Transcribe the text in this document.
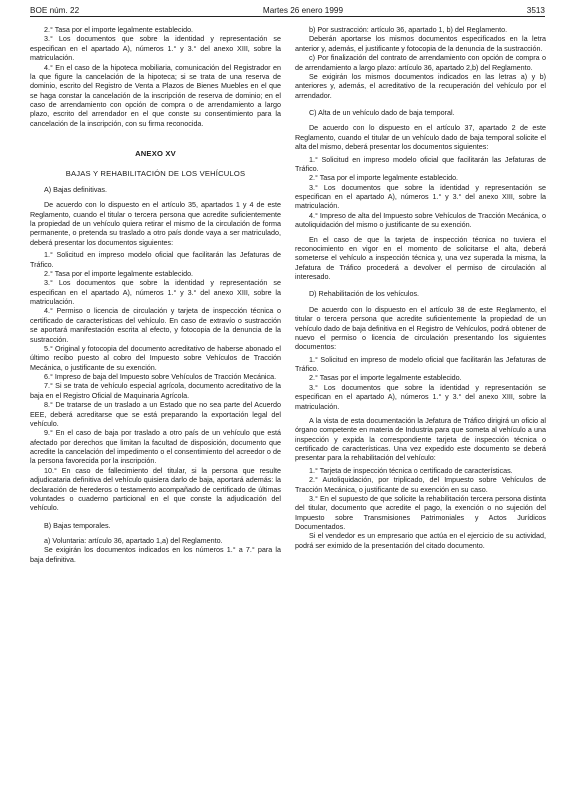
BOE núm. 22	Martes 26 enero 1999	3513

2.° Tasa por el importe legalmente establecido.

3.° Los documentos que sobre la identidad y representación se especifican en el apartado A), números 1.° y 3.° del anexo XIII, sobre la matriculación.

4.° En el caso de la hipoteca mobiliaria, comunicación del Registrador en la que figure la cancelación de la hipoteca; si se trata de una reserva de dominio, escrito del Registro de Venta a Plazos de Bienes Muebles en el que se haga constar la cancelación de la inscripción de reserva de dominio; en el caso de arrendamiento con opción de compra o de arrendamiento a largo plazo, escrito del arrendador en el que conste su consentimiento para la cancelación de la inscripción, con su firma reconocida.

ANEXO XV
BAJAS Y REHABILITACIÓN DE LOS VEHÍCULOS

A) Bajas definitivas.

De acuerdo con lo dispuesto en el artículo 35, apartados 1 y 4 de este Reglamento, cuando el titular o tercera persona que acredite suficientemente la propiedad de un vehículo quiera retirar el mismo de la circulación de forma permanente, o pretenda su traslado a otro país donde vaya a ser matriculado, deberá presentar los documentos siguientes:

1.° Solicitud en impreso modelo oficial que facilitarán las Jefaturas de Tráfico.

2.° Tasa por el importe legalmente establecido.

3.° Los documentos que sobre la identidad y representación se especifican en el apartado A), números 1.° y 3.° del anexo XIII, sobre la matriculación.

4.° Permiso o licencia de circulación y tarjeta de inspección técnica o certificado de características del vehículo. En caso de extravío o sustracción se aportará manifestación escrita al efecto, y fotocopia de la denuncia de la sustracción.

5.° Original y fotocopia del documento acreditativo de haberse abonado el último recibo puesto al cobro del Impuesto sobre Vehículos de Tracción Mecánica, o justificante de su exención.

6.° Impreso de baja del Impuesto sobre Vehículos de Tracción Mecánica.

7.° Si se trata de vehículo especial agrícola, documento acreditativo de la baja en el Registro Oficial de Maquinaria Agrícola.

8.° De tratarse de un traslado a un Estado que no sea parte del Acuerdo EEE, deberá acreditarse que se está preparando la exportación legal del vehículo.

9.° En el caso de baja por traslado a otro país de un vehículo que está afectado por derechos que limitan la facultad de disposición, documento que acredite la cancelación del impedimento o el consentimiento del acreedor o de la persona favorecida por la inscripción.

10.° En caso de fallecimiento del titular, si la persona que resulte adjudicataria definitiva del vehículo quisiera darlo de baja, aportará además: la declaración de herederos o testamento acompañado de certificado de últimas voluntades o cuaderno particional en el que conste la adjudicación del vehículo.

B) Bajas temporales.

a) Voluntaria: artículo 36, apartado 1,a) del Reglamento.

Se exigirán los documentos indicados en los números 1.° a 7.° para la baja definitiva.

b) Por sustracción: artículo 36, apartado 1, b) del Reglamento.

Deberán aportarse los mismos documentos especificados en la letra anterior y, además, el justificante y fotocopia de la denuncia de la sustracción.

c) Por finalización del contrato de arrendamiento con opción de compra o de arrendamiento a largo plazo: artículo 36, apartado 2,b) del Reglamento.

Se exigirán los mismos documentos indicados en las letras a) y b) anteriores y, además, el acreditativo de la recuperación del vehículo por el arrendador.

C) Alta de un vehículo dado de baja temporal.

De acuerdo con lo dispuesto en el artículo 37, apartado 2 de este Reglamento, cuando el titular de un vehículo dado de baja temporal solicite el alta del mismo, deberá presentar los documentos siguientes:

1.° Solicitud en impreso modelo oficial que facilitarán las Jefaturas de Tráfico.

2.° Tasa por el importe legalmente establecido.

3.° Los documentos que sobre la identidad y representación se especifican en el apartado A), números 1.° y 3.° del anexo XIII, sobre la matriculación.

4.° Impreso de alta del Impuesto sobre Vehículos de Tracción Mecánica, o autoliquidación del mismo o justificante de su exención.

En el caso de que la tarjeta de inspección técnica no tuviera el reconocimiento en vigor en el momento de solicitarse el alta, deberá someterse el vehículo a inspección técnica y, una vez superada la misma, la Jefatura de Tráfico procederá a devolver el permiso de circulación al interesado.

D) Rehabilitación de los vehículos.

De acuerdo con lo dispuesto en el artículo 38 de este Reglamento, el titular o tercera persona que acredite suficientemente la propiedad de un vehículo dado de baja definitiva en el Registro de Vehículos, podrá obtener de nuevo el permiso o licencia de circulación presentando los siguientes documentos:

1.° Solicitud en impreso de modelo oficial que facilitarán las Jefaturas de Tráfico.

2.° Tasas por el importe legalmente establecido.

3.° Los documentos que sobre la identidad y representación se especifican en el apartado A), números 1.° y 3.° del anexo XIII, sobre la matriculación.

A la vista de esta documentación la Jefatura de Tráfico dirigirá un oficio al órgano competente en materia de Industria para que someta al vehículo a una inspección y expida la correspondiente tarjeta de inspección técnica o certificado de características. Una vez expedido este documento se deberá presentar para la rehabilitación del vehículo:

1.° Tarjeta de inspección técnica o certificado de características.

2.° Autoliquidación, por triplicado, del Impuesto sobre Vehículos de Tracción Mecánica, o justificante de su exención en su caso.

3.° En el supuesto de que solicite la rehabilitación tercera persona distinta del titular, documento que acredite el pago, la exención o no sujeción del Impuesto sobre Transmisiones Patrimoniales y Actos Jurídicos Documentados.

Si el vendedor es un empresario que actúa en el ejercicio de su actividad, podrá ser eximido de la presentación del citado documento.
